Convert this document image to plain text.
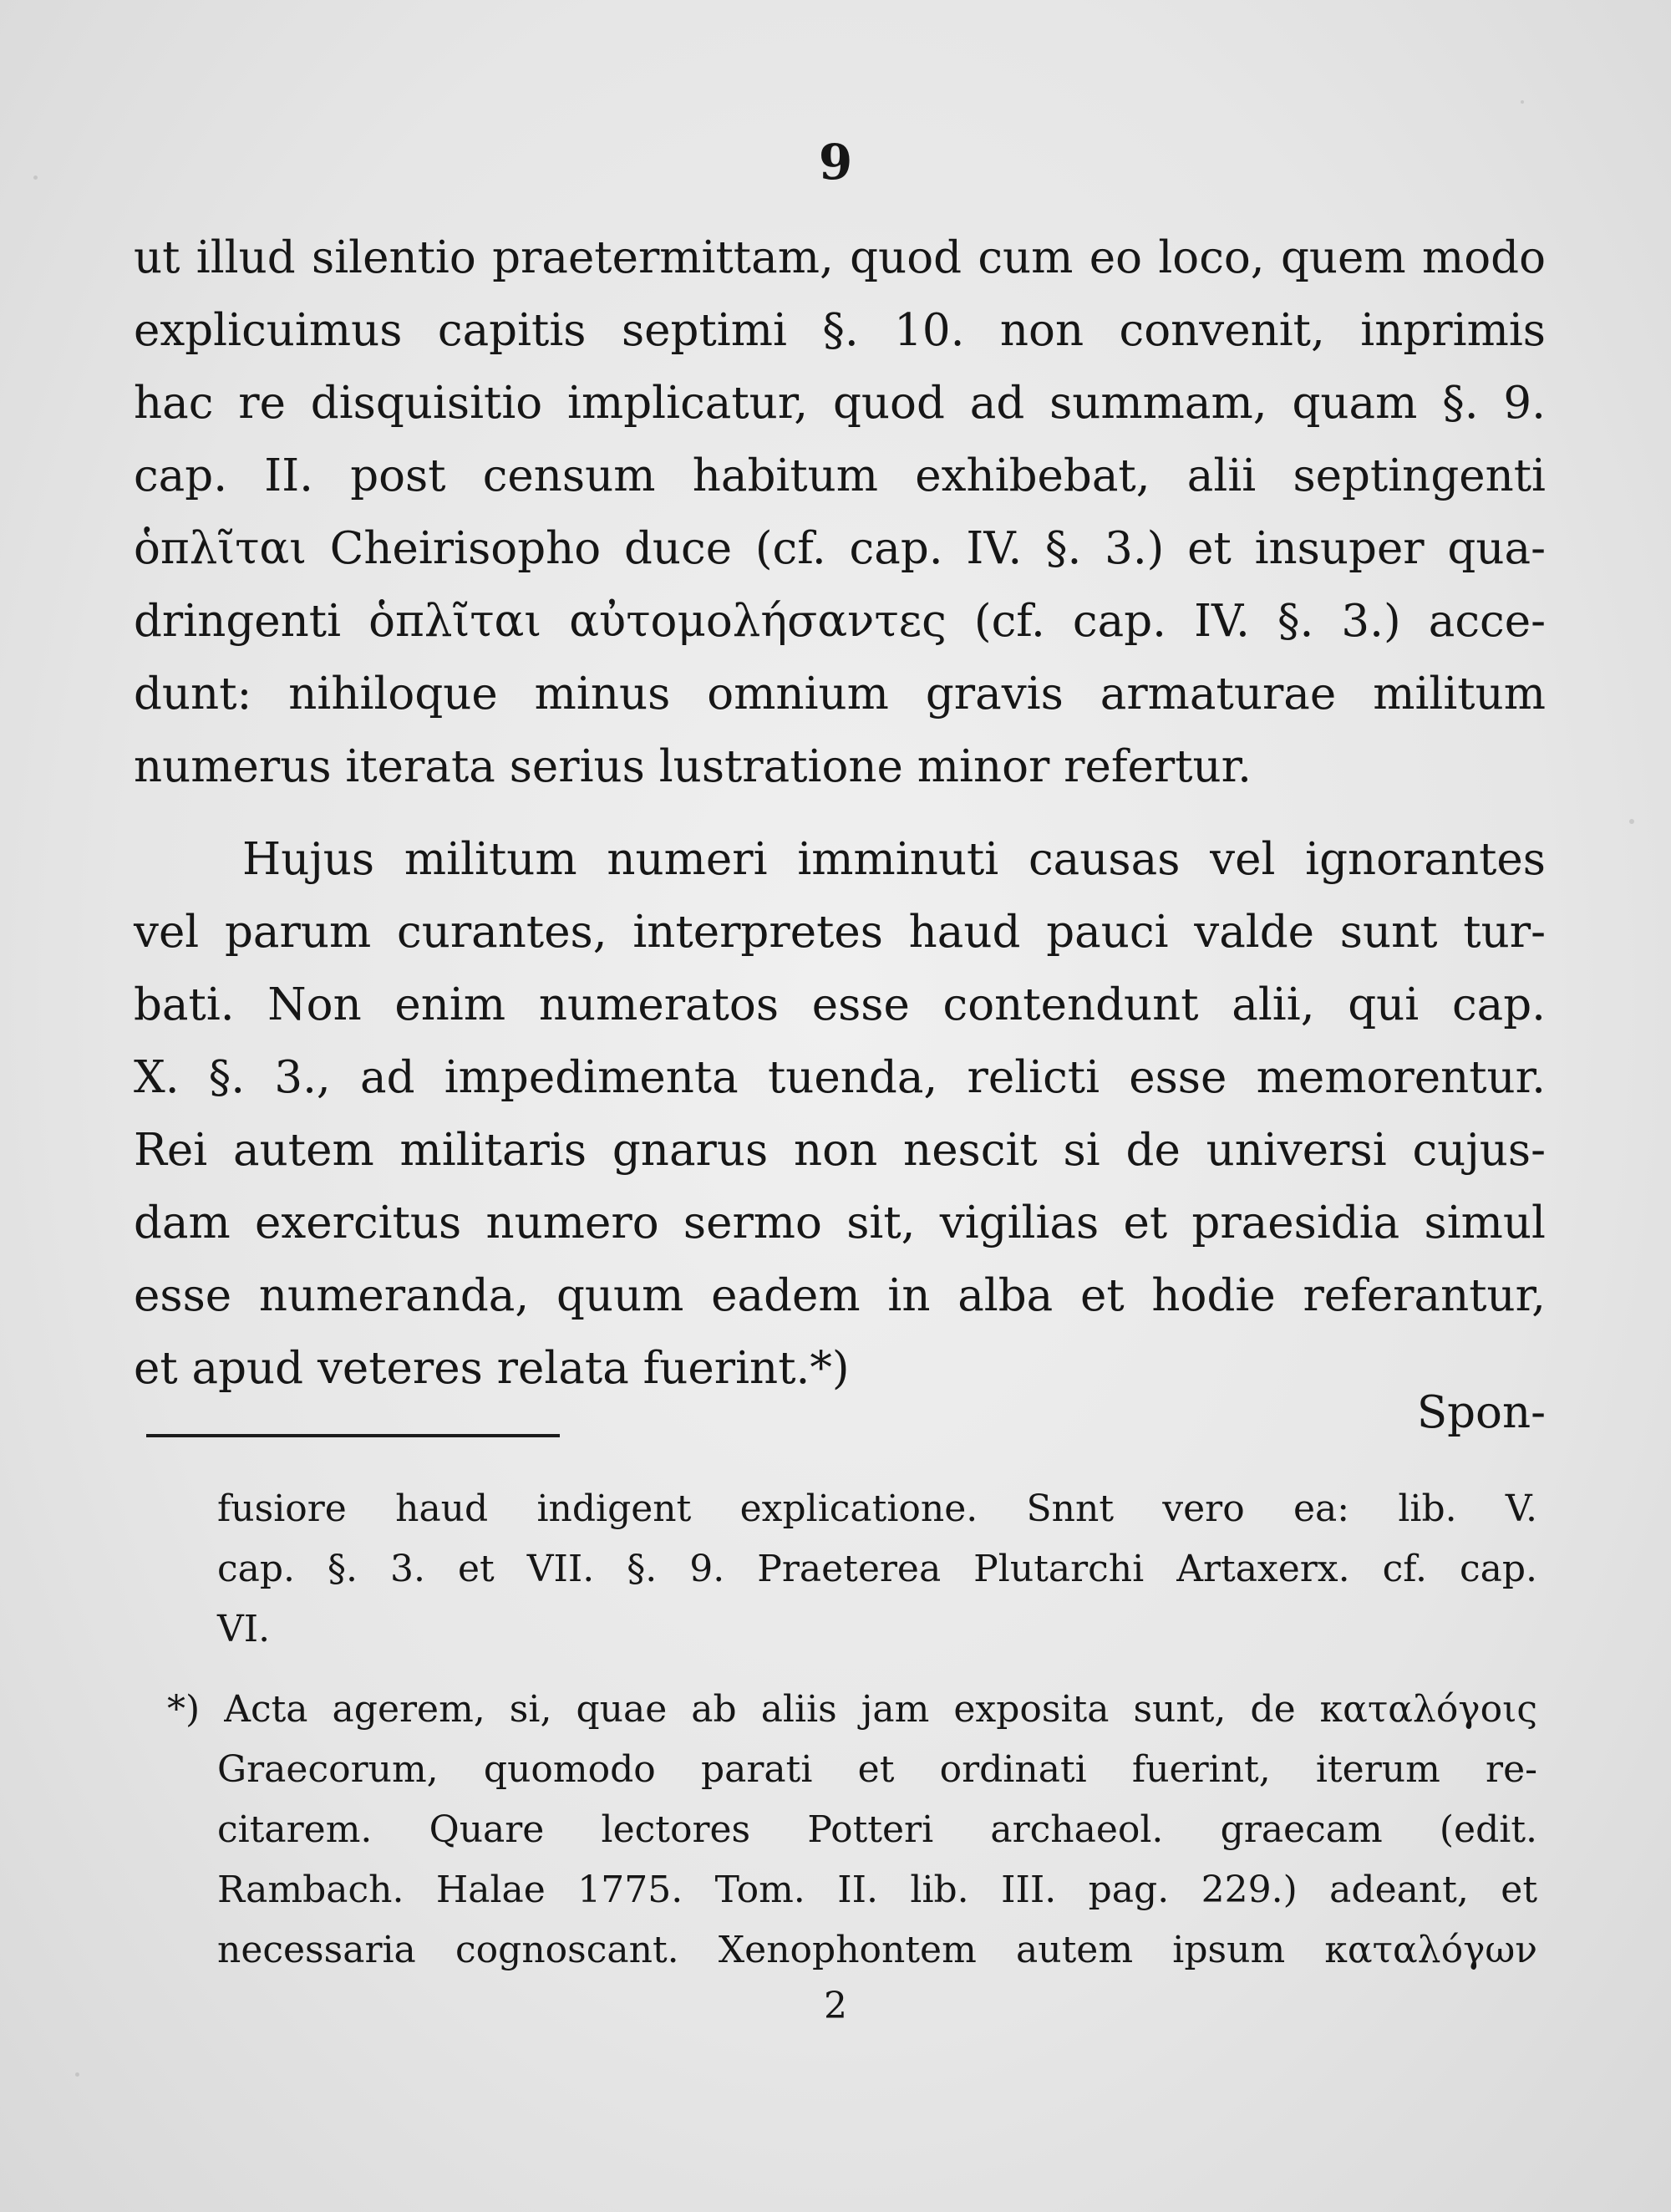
9
ut illud silentio praetermittam, quod cum eo loco, quem modo
explicuimus capitis septimi §. 10. non convenit, inprimis
hac re disquisitio implicatur, quod ad summam, quam §. 9.
cap. II. post censum habitum exhibebat, alii septingenti
ὁπλῖται Cheirisopho duce (cf. cap. IV. §. 3.) et insuper qua-
dringenti ὁπλῖται αὐτομολήσαντες (cf. cap. IV. §. 3.) acce-
dunt: nihiloque minus omnium gravis armaturae militum
numerus iterata serius lustratione minor refertur.
Hujus militum numeri imminuti causas vel ignorantes
vel parum curantes, interpretes haud pauci valde sunt tur-
bati. Non enim numeratos esse contendunt alii, qui cap.
X. §. 3., ad impedimenta tuenda, relicti esse memorentur.
Rei autem militaris gnarus non nescit si de universi cujus-
dam exercitus numero sermo sit, vigilias et praesidia simul
esse numeranda, quum eadem in alba et hodie referantur,
et apud veteres relata fuerint.*)
Spon-
fusiore haud indigent explicatione. Snnt vero ea: lib. V.
cap. §. 3. et VII. §. 9. Praeterea Plutarchi Artaxerx. cf. cap.
VI.
*) Acta agerem, si, quae ab aliis jam exposita sunt, de καταλόγοις
Graecorum, quomodo parati et ordinati fuerint, iterum re-
citarem. Quare lectores Potteri archaeol. graecam (edit.
Rambach. Halae 1775. Tom. II. lib. III. pag. 229.) adeant, et
necessaria cognoscant. Xenophontem autem ipsum καταλόγων
2
